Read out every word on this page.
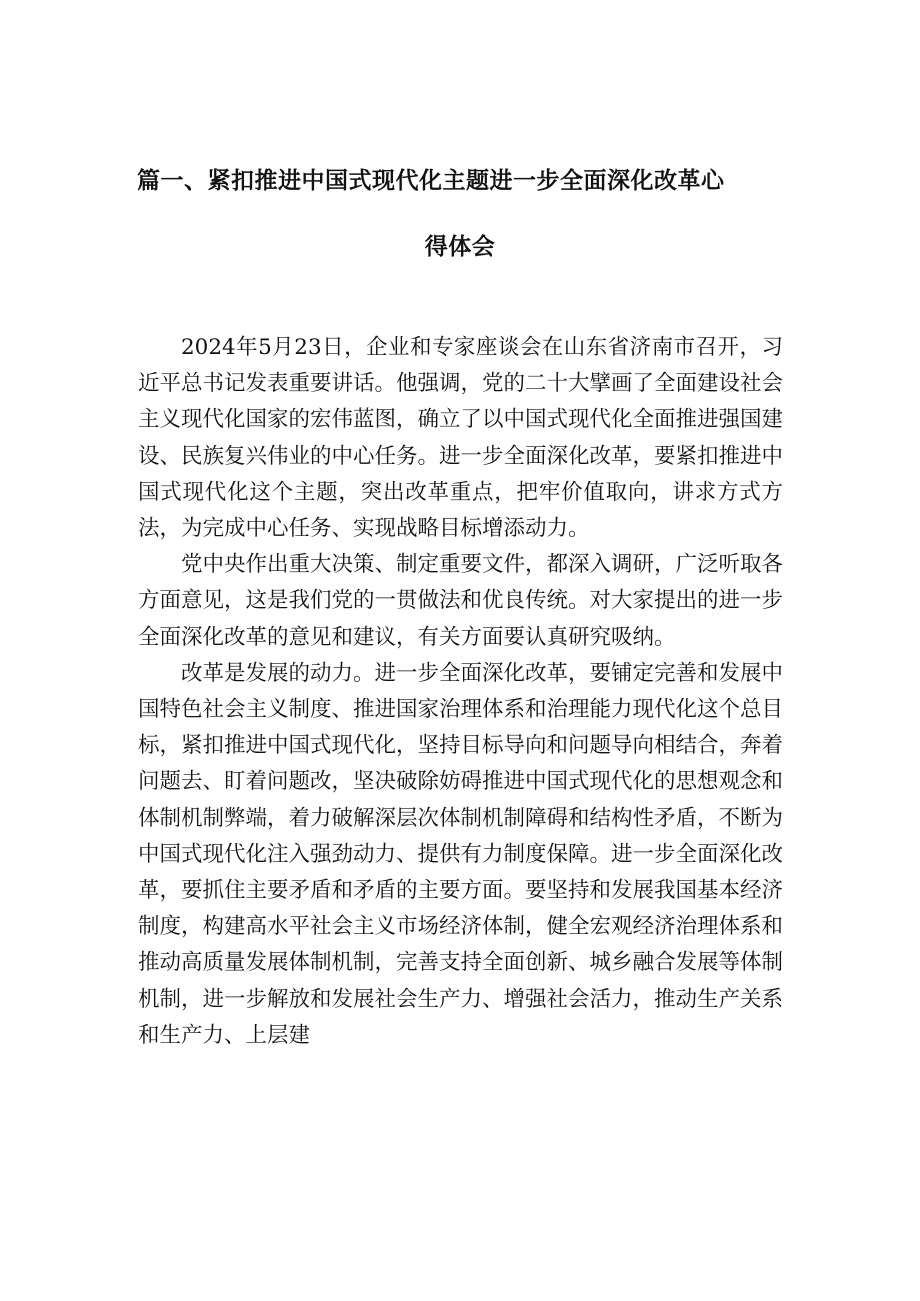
篇一、紧扣推进中国式现代化主题进一步全面深化改革心
得体会

2024年5月23日，企业和专家座谈会在山东省济南市召开，习近平总书记发表重要讲话。他强调，党的二十大擘画了全面建设社会主义现代化国家的宏伟蓝图，确立了以中国式现代化全面推进强国建设、民族复兴伟业的中心任务。进一步全面深化改革，要紧扣推进中国式现代化这个主题，突出改革重点，把牢价值取向，讲求方式方法，为完成中心任务、实现战略目标增添动力。

党中央作出重大决策、制定重要文件，都深入调研，广泛听取各方面意见，这是我们党的一贯做法和优良传统。对大家提出的进一步全面深化改革的意见和建议，有关方面要认真研究吸纳。

改革是发展的动力。进一步全面深化改革，要铺定完善和发展中国特色社会主义制度、推进国家治理体系和治理能力现代化这个总目标，紧扣推进中国式现代化，坚持目标导向和问题导向相结合，奔着问题去、盯着问题改，坚决破除妨碍推进中国式现代化的思想观念和体制机制弊端，着力破解深层次体制机制障碍和结构性矛盾，不断为中国式现代化注入强劲动力、提供有力制度保障。进一步全面深化改革，要抓住主要矛盾和矛盾的主要方面。要坚持和发展我国基本经济制度，构建高水平社会主义市场经济体制，健全宏观经济治理体系和推动高质量发展体制机制，完善支持全面创新、城乡融合发展等体制机制，进一步解放和发展社会生产力、增强社会活力，推动生产关系和生产力、上层建
